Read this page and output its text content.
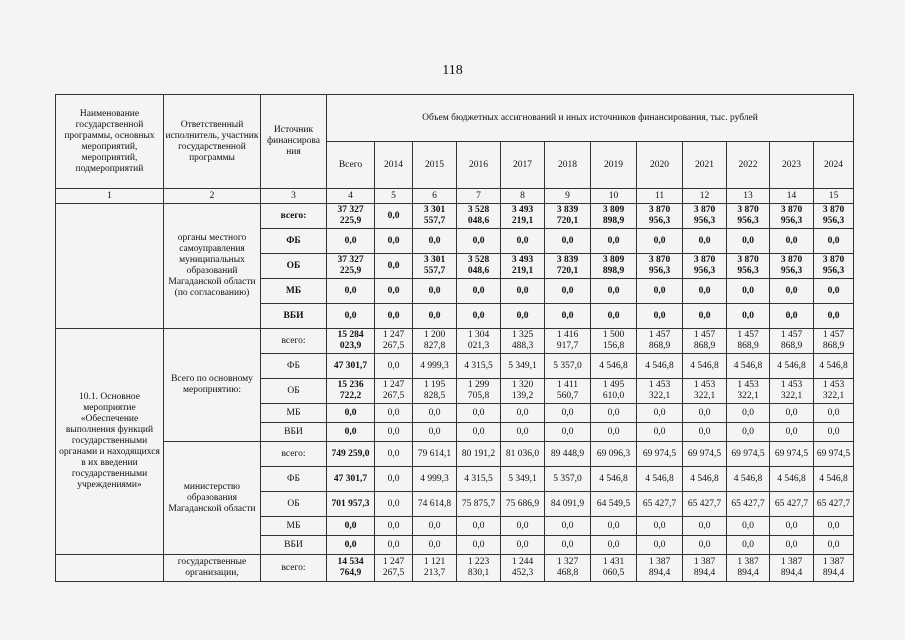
118
Наименование государственной программы, основных мероприятий, мероприятий, подмероприятий	Ответственный исполнитель, участник государственной программы	Источник финансирова ния	Объем бюджетных ассигнований и иных источников финансирования, тыс. рублей											
			Всего	2014	2015	2016	2017	2018	2019	2020	2021	2022	2023	2024
1	2	3	4	5	6	7	8	9	10	11	12	13	14	15
	органы местного самоуправления муниципальных образований Магаданской области (по согласованию)	всего:	37 327 225,9	0,0	3 301 557,7	3 528 048,6	3 493 219,1	3 839 720,1	3 809 898,9	3 870 956,3	3 870 956,3	3 870 956,3	3 870 956,3	3 870 956,3
		ФБ	0,0	0,0	0,0	0,0	0,0	0,0	0,0	0,0	0,0	0,0	0,0	0,0
		ОБ	37 327 225,9	0,0	3 301 557,7	3 528 048,6	3 493 219,1	3 839 720,1	3 809 898,9	3 870 956,3	3 870 956,3	3 870 956,3	3 870 956,3	3 870 956,3
		МБ	0,0	0,0	0,0	0,0	0,0	0,0	0,0	0,0	0,0	0,0	0,0	0,0
		ВБИ	0,0	0,0	0,0	0,0	0,0	0,0	0,0	0,0	0,0	0,0	0,0	0,0
10.1. Основное мероприятие «Обеспечение выполнения функций государственными органами и находящихся в их введении государственными учреждениями»	Всего по основному мероприятию:	всего:	15 284 023,9	1 247 267,5	1 200 827,8	1 304 021,3	1 325 488,3	1 416 917,7	1 500 156,8	1 457 868,9	1 457 868,9	1 457 868,9	1 457 868,9	1 457 868,9
		ФБ	47 301,7	0,0	4 999,3	4 315,5	5 349,1	5 357,0	4 546,8	4 546,8	4 546,8	4 546,8	4 546,8	4 546,8
		ОБ	15 236 722,2	1 247 267,5	1 195 828,5	1 299 705,8	1 320 139,2	1 411 560,7	1 495 610,0	1 453 322,1	1 453 322,1	1 453 322,1	1 453 322,1	1 453 322,1
		МБ	0,0	0,0	0,0	0,0	0,0	0,0	0,0	0,0	0,0	0,0	0,0	0,0
		ВБИ	0,0	0,0	0,0	0,0	0,0	0,0	0,0	0,0	0,0	0,0	0,0	0,0
	министерство образования Магаданской области	всего:	749 259,0	0,0	79 614,1	80 191,2	81 036,0	89 448,9	69 096,3	69 974,5	69 974,5	69 974,5	69 974,5	69 974,5
		ФБ	47 301,7	0,0	4 999,3	4 315,5	5 349,1	5 357,0	4 546,8	4 546,8	4 546,8	4 546,8	4 546,8	4 546,8
		ОБ	701 957,3	0,0	74 614,8	75 875,7	75 686,9	84 091,9	64 549,5	65 427,7	65 427,7	65 427,7	65 427,7	65 427,7
		МБ	0,0	0,0	0,0	0,0	0,0	0,0	0,0	0,0	0,0	0,0	0,0	0,0
		ВБИ	0,0	0,0	0,0	0,0	0,0	0,0	0,0	0,0	0,0	0,0	0,0	0,0
	государственные организации,	всего:	14 534 764,9	1 247 267,5	1 121 213,7	1 223 830,1	1 244 452,3	1 327 468,8	1 431 060,5	1 387 894,4	1 387 894,4	1 387 894,4	1 387 894,4	1 387 894,4
